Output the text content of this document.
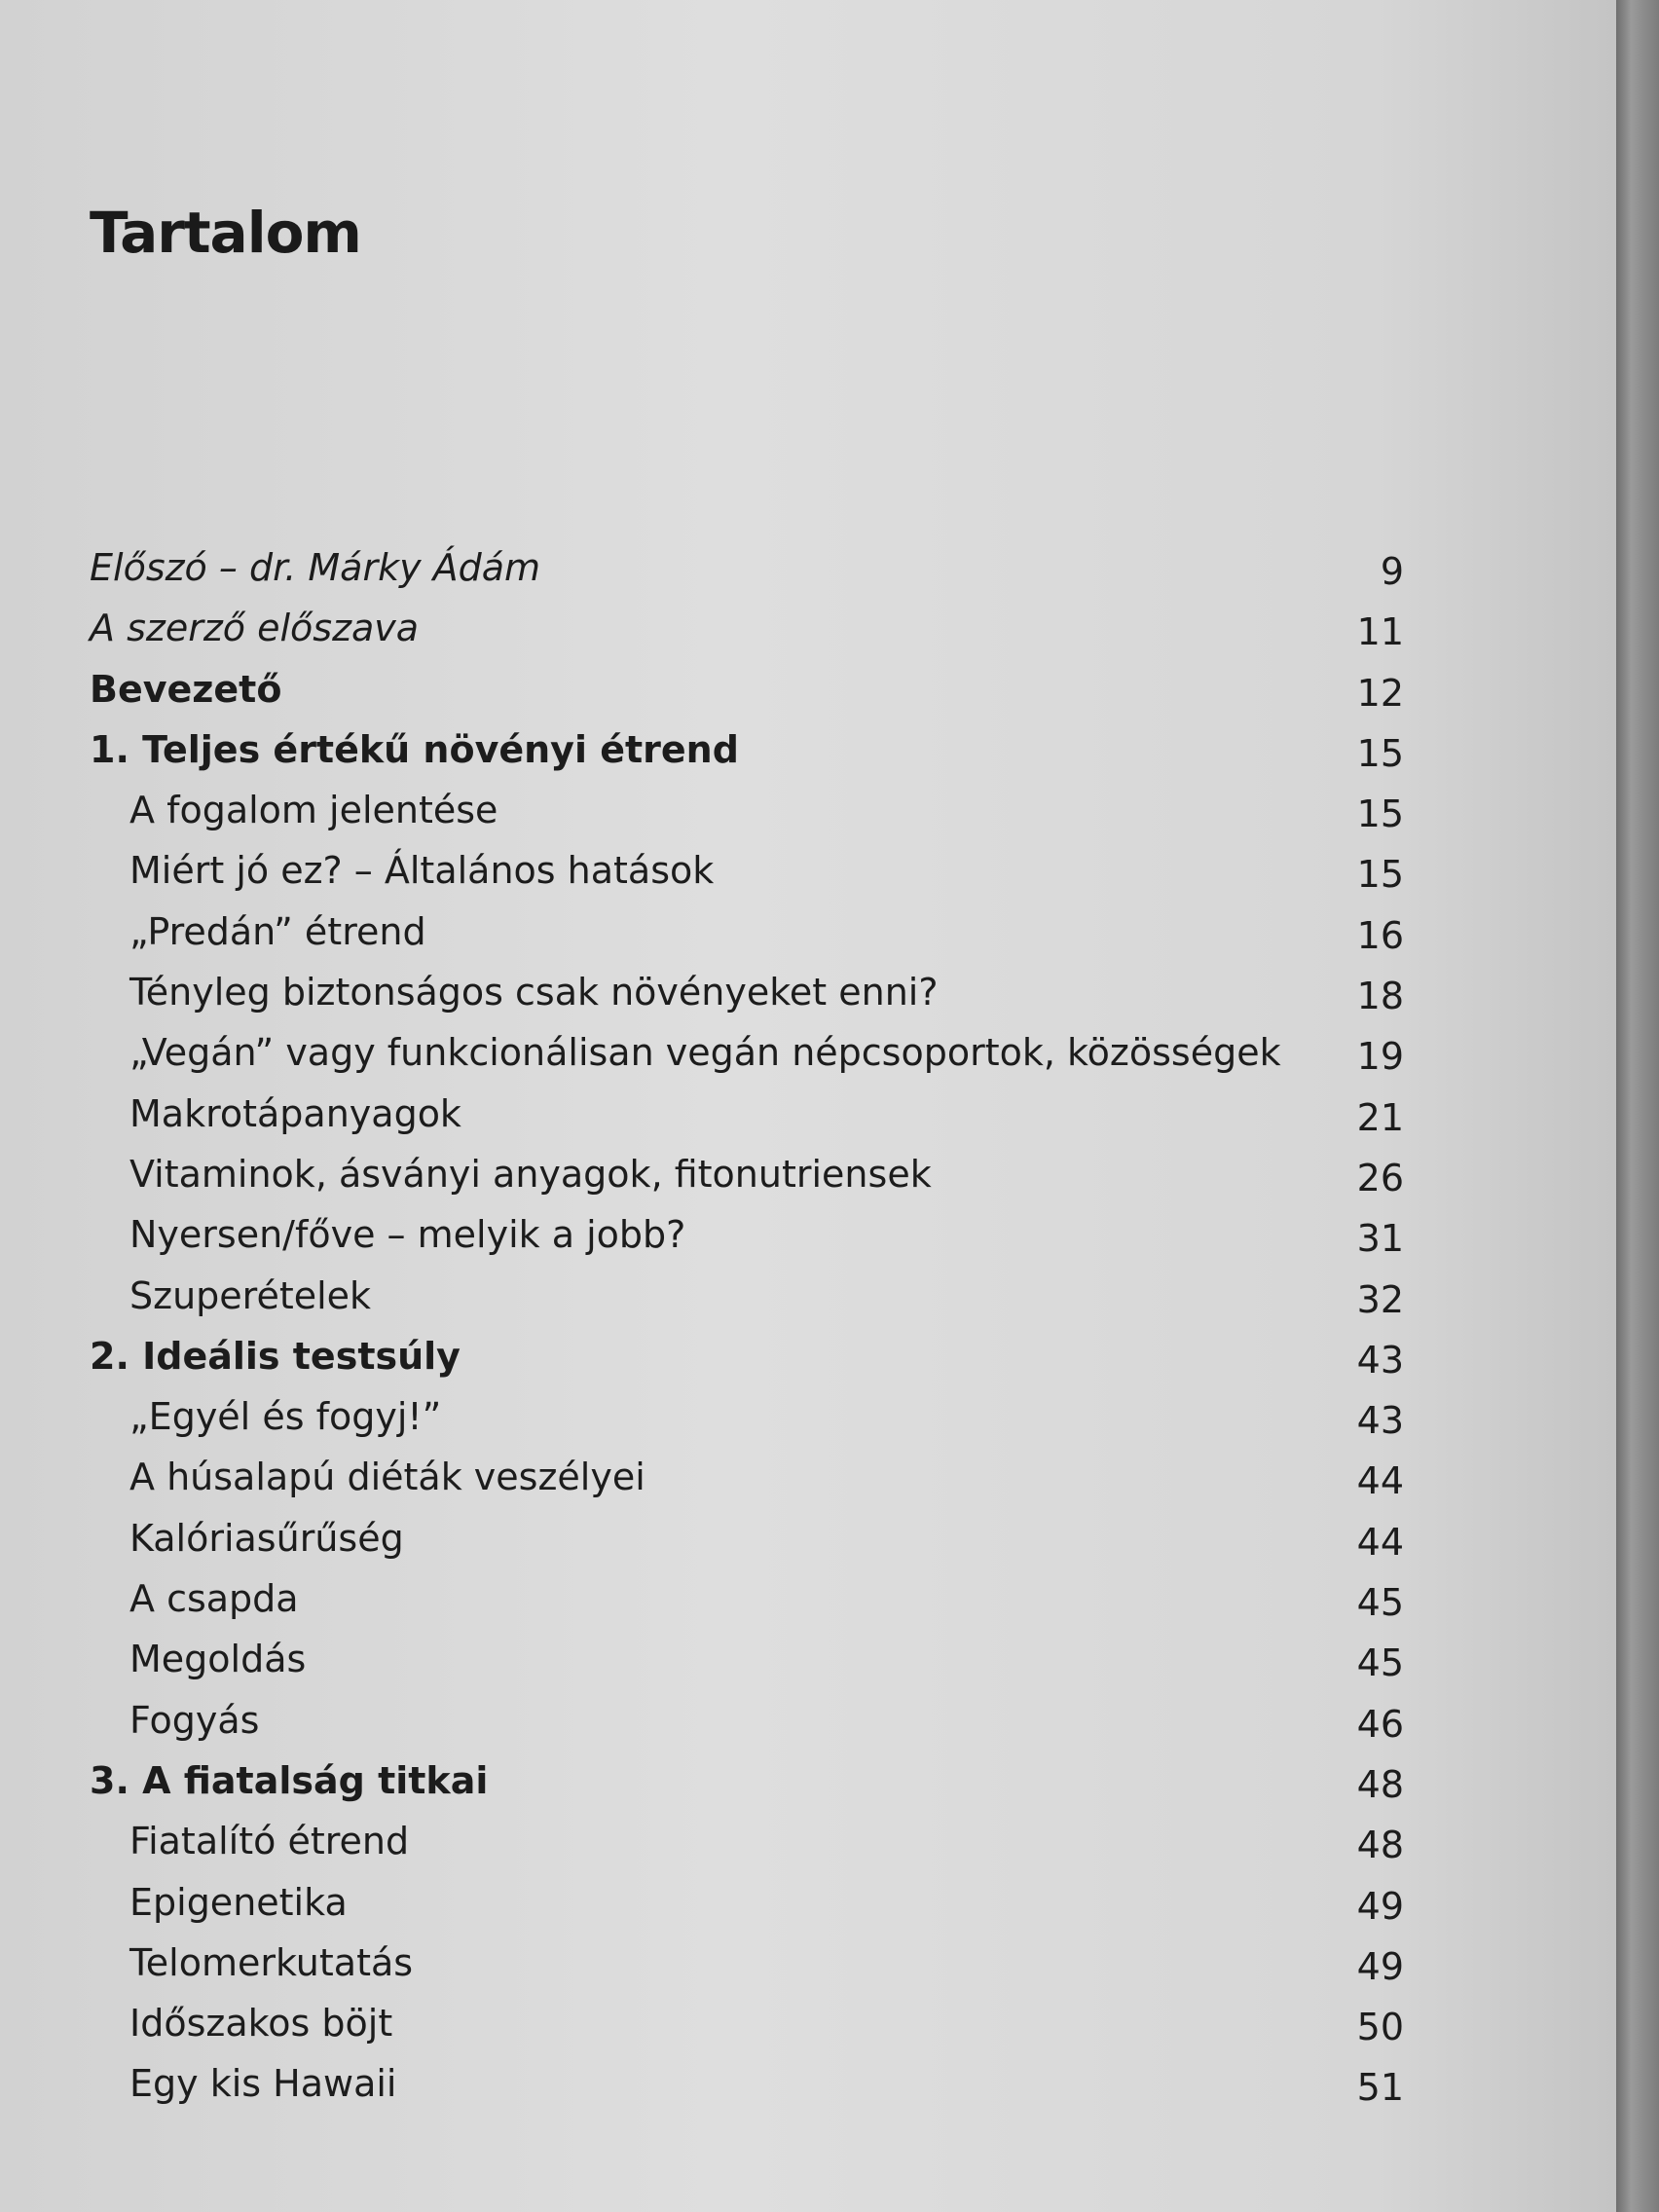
Tartalom
Előszó – dr. Márky Ádám	9
A szerző előszava	11
Bevezető	12
1. Teljes értékű növényi étrend	15
A fogalom jelentése	15
Miért jó ez? – Általános hatások	15
„Predán” étrend	16
Tényleg biztonságos csak növényeket enni?	18
„Vegán” vagy funkcionálisan vegán népcsoportok, közösségek 19
Makrotápanyagok	21
Vitaminok, ásványi anyagok, fitonutriensek	26
Nyersen/főve – melyik a jobb?	31
Szuperételek	32
2. Ideális testsúly	43
„Egyél és fogyj!”	43
A húsalapú diéták veszélyei	44
Kalóriasűrűség	44
A csapda	45
Megoldás	45
Fogyás	46
3. A fiatalság titkai	48
Fiatalító étrend	48
Epigenetika	49
Telomerkutatás	49
Időszakos böjt	50
Egy kis Hawaii	51
